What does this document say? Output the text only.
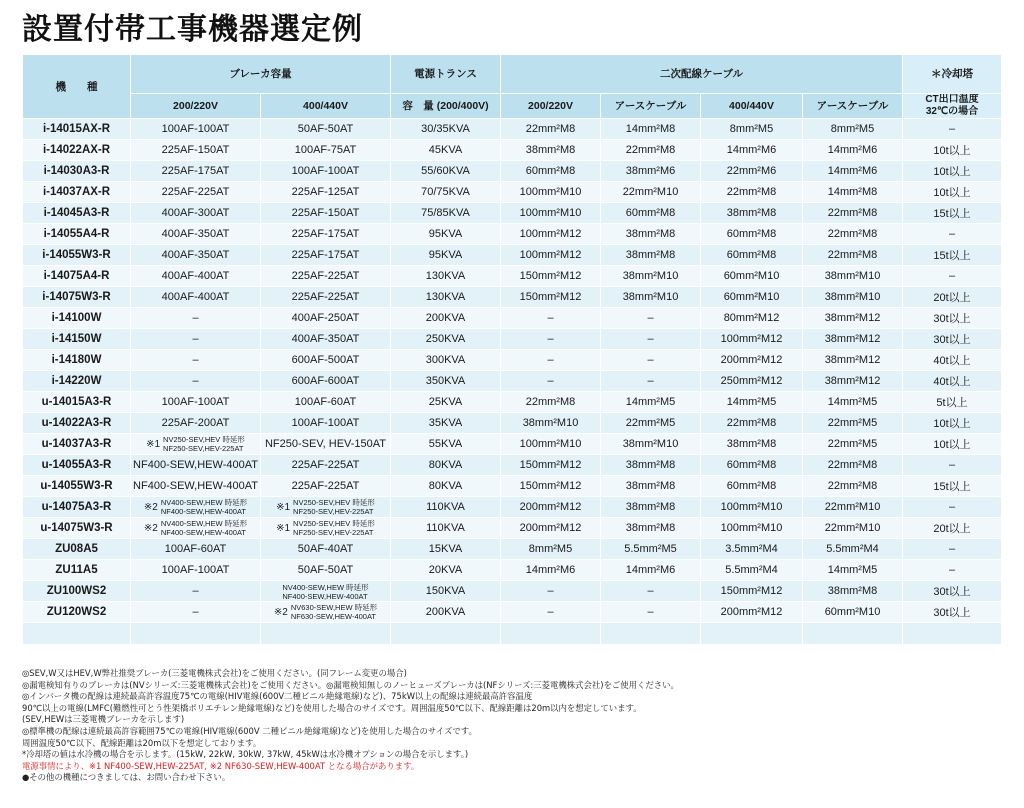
設置付帯工事機器選定例
機　　種	ブレーカ容量		電源トランス	二次配線ケーブル				＊冷却塔
	200/220V	400/440V	容　量 (200/400V)	200/220V	アースケーブル	400/440V	アースケーブル	CT出口温度
32℃の場合
i-14015AX-R	100AF-100AT	50AF-50AT	30/35KVA	22mm²M8	14mm²M8	8mm²M5	8mm²M5	–
i-14022AX-R	225AF-150AT	100AF-75AT	45KVA	38mm²M8	22mm²M8	14mm²M6	14mm²M6	10t以上
i-14030A3-R	225AF-175AT	100AF-100AT	55/60KVA	60mm²M8	38mm²M6	22mm²M6	14mm²M6	10t以上
i-14037AX-R	225AF-225AT	225AF-125AT	70/75KVA	100mm²M10	22mm²M10	22mm²M8	14mm²M8	10t以上
i-14045A3-R	400AF-300AT	225AF-150AT	75/85KVA	100mm²M10	60mm²M8	38mm²M8	22mm²M8	15t以上
i-14055A4-R	400AF-350AT	225AF-175AT	95KVA	100mm²M12	38mm²M8	60mm²M8	22mm²M8	–
i-14055W3-R	400AF-350AT	225AF-175AT	95KVA	100mm²M12	38mm²M8	60mm²M8	22mm²M8	15t以上
i-14075A4-R	400AF-400AT	225AF-225AT	130KVA	150mm²M12	38mm²M10	60mm²M10	38mm²M10	–
i-14075W3-R	400AF-400AT	225AF-225AT	130KVA	150mm²M12	38mm²M10	60mm²M10	38mm²M10	20t以上
i-14100W	–	400AF-250AT	200KVA	–	–	80mm²M12	38mm²M12	30t以上
i-14150W	–	400AF-350AT	250KVA	–	–	100mm²M12	38mm²M12	30t以上
i-14180W	–	600AF-500AT	300KVA	–	–	200mm²M12	38mm²M12	40t以上
i-14220W	–	600AF-600AT	350KVA	–	–	250mm²M12	38mm²M12	40t以上
u-14015A3-R	100AF-100AT	100AF-60AT	25KVA	22mm²M8	14mm²M5	14mm²M5	14mm²M5	5t以上
u-14022A3-R	225AF-200AT	100AF-100AT	35KVA	38mm²M10	22mm²M5	22mm²M8	22mm²M5	10t以上
u-14037A3-R	※1 NV250-SEV,HEV 時延形
NF250-SEV,HEV-225AT	NF250-SEV, HEV-150AT	55KVA	100mm²M10	38mm²M10	38mm²M8	22mm²M5	10t以上
u-14055A3-R	NF400-SEW,HEW-400AT	225AF-225AT	80KVA	150mm²M12	38mm²M8	60mm²M8	22mm²M8	–
u-14055W3-R	NF400-SEW,HEW-400AT	225AF-225AT	80KVA	150mm²M12	38mm²M8	60mm²M8	22mm²M8	15t以上
u-14075A3-R	※2 NV400-SEW,HEW 時延形
NF400-SEW,HEW-400AT	※1 NV250-SEV,HEV 時延形
NF250-SEV,HEV-225AT	110KVA	200mm²M12	38mm²M8	100mm²M10	22mm²M10	–
u-14075W3-R	※2 NV400-SEW,HEW 時延形
NF400-SEW,HEW-400AT	※1 NV250-SEV,HEV 時延形
NF250-SEV,HEV-225AT	110KVA	200mm²M12	38mm²M8	100mm²M10	22mm²M10	20t以上
ZU08A5	100AF-60AT	50AF-40AT	15KVA	8mm²M5	5.5mm²M5	3.5mm²M4	5.5mm²M4	–
ZU11A5	100AF-100AT	50AF-50AT	20KVA	14mm²M6	14mm²M6	5.5mm²M4	14mm²M5	–
ZU100WS2	–	NV400-SEW,HEW 時延形
NF400-SEW,HEW-400AT	150KVA	–	–	150mm²M12	38mm²M8	30t以上
ZU120WS2	–	※2 NV630-SEW,HEW 時延形
NF630-SEW,HEW-400AT	200KVA	–	–	200mm²M12	60mm²M10	30t以上

◎SEV,W又はHEV,W弊社推奨ブレーカ(三菱電機株式会社)をご使用ください。(同フレーム変更の場合)

◎漏電検知有りのブレーカは(NVシリーズ:三菱電機株式会社)をご使用ください。◎漏電検知無しのノーヒューズブレーカは(NFシリーズ:三菱電機株式会社)をご使用ください。

◎インバータ機の配線は連続最高許容温度75℃の電線(HIV電線(600V二種ビニル絶縁電線)など)、75kW以上の配線は連続最高許容温度

90℃以上の電線(LMFC(難燃性可とう性架橋ポリエチレン絶縁電線)など)を使用した場合のサイズです。周囲温度50℃以下、配線距離は20m以内を想定しています。

(SEV,HEWは三菱電機ブレーカを示します)

◎標準機の配線は連続最高許容範囲75℃の電線(HIV電線(600V 二種ビニル絶縁電線)など)を使用した場合のサイズです。

周囲温度50℃以下、配線距離は20m以下を想定しております。

*冷却塔の値は水冷機の場合を示します。(15kW, 22kW, 30kW, 37kW, 45kWは水冷機オプションの場合を示します。)

電源事情により、※1 NF400-SEW,HEW-225AT, ※2 NF630-SEW,HEW-400AT となる場合があります。

●その他の機種につきましては、お問い合わせ下さい。
